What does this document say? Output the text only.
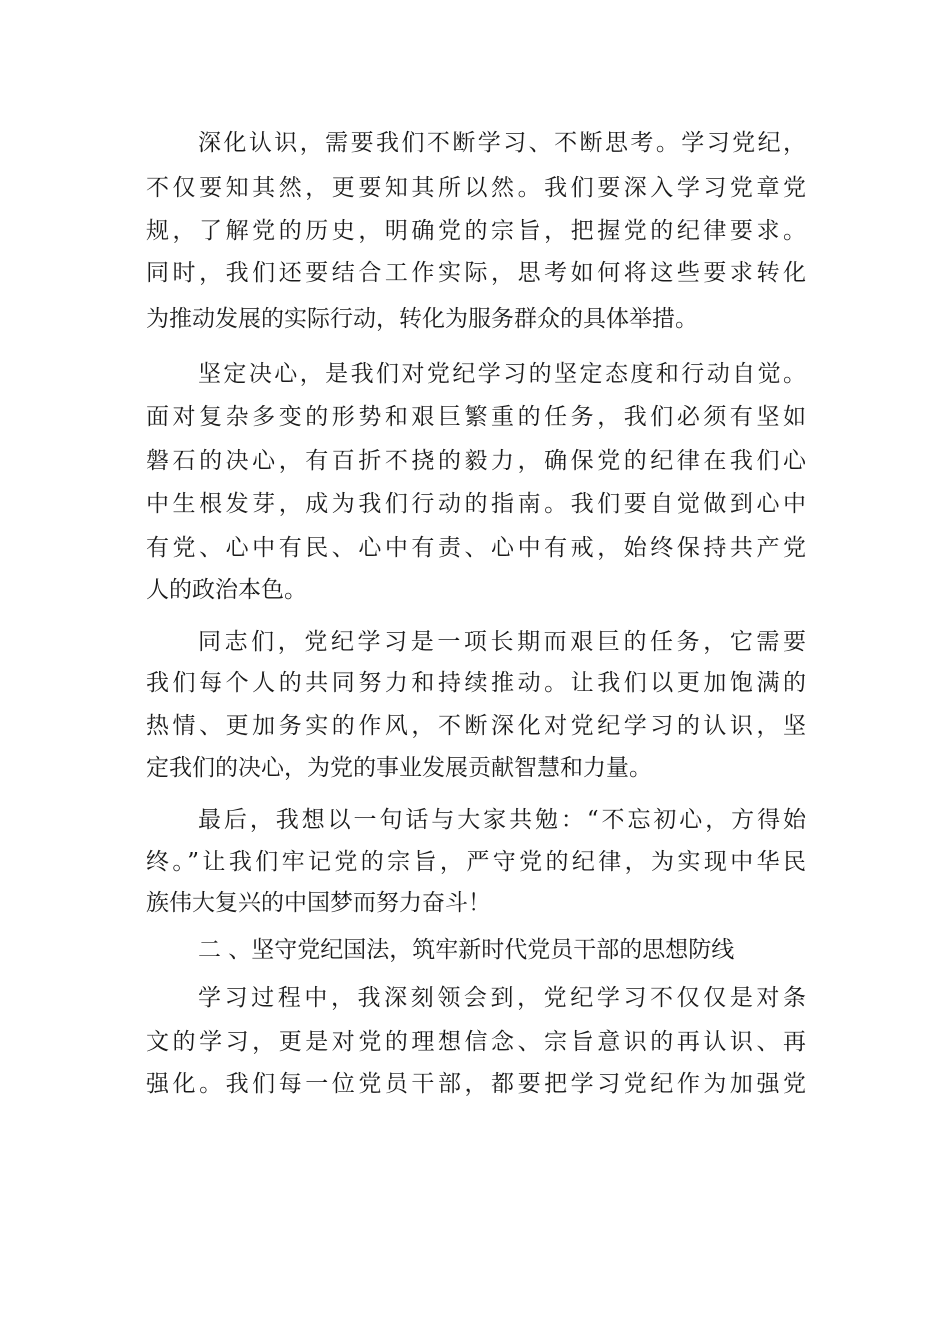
深化认识，需要我们不断学习、不断思考。学习党纪，
不仅要知其然，更要知其所以然。我们要深入学习党章党
规，了解党的历史，明确党的宗旨，把握党的纪律要求。
同时，我们还要结合工作实际，思考如何将这些要求转化
为推动发展的实际行动，转化为服务群众的具体举措。
坚定决心，是我们对党纪学习的坚定态度和行动自觉。
面对复杂多变的形势和艰巨繁重的任务，我们必须有坚如
磐石的决心，有百折不挠的毅力，确保党的纪律在我们心
中生根发芽，成为我们行动的指南。我们要自觉做到心中
有党、心中有民、心中有责、心中有戒，始终保持共产党
人的政治本色。
同志们，党纪学习是一项长期而艰巨的任务，它需要
我们每个人的共同努力和持续推动。让我们以更加饱满的
热情、更加务实的作风，不断深化对党纪学习的认识，坚
定我们的决心，为党的事业发展贡献智慧和力量。
最后，我想以一句话与大家共勉：“不忘初心，方得始
终。”让我们牢记党的宗旨，严守党的纪律，为实现中华民
族伟大复兴的中国梦而努力奋斗！
二 、坚守党纪国法，筑牢新时代党员干部的思想防线
学习过程中，我深刻领会到，党纪学习不仅仅是对条
文的学习，更是对党的理想信念、宗旨意识的再认识、再
强化。我们每一位党员干部，都要把学习党纪作为加强党
